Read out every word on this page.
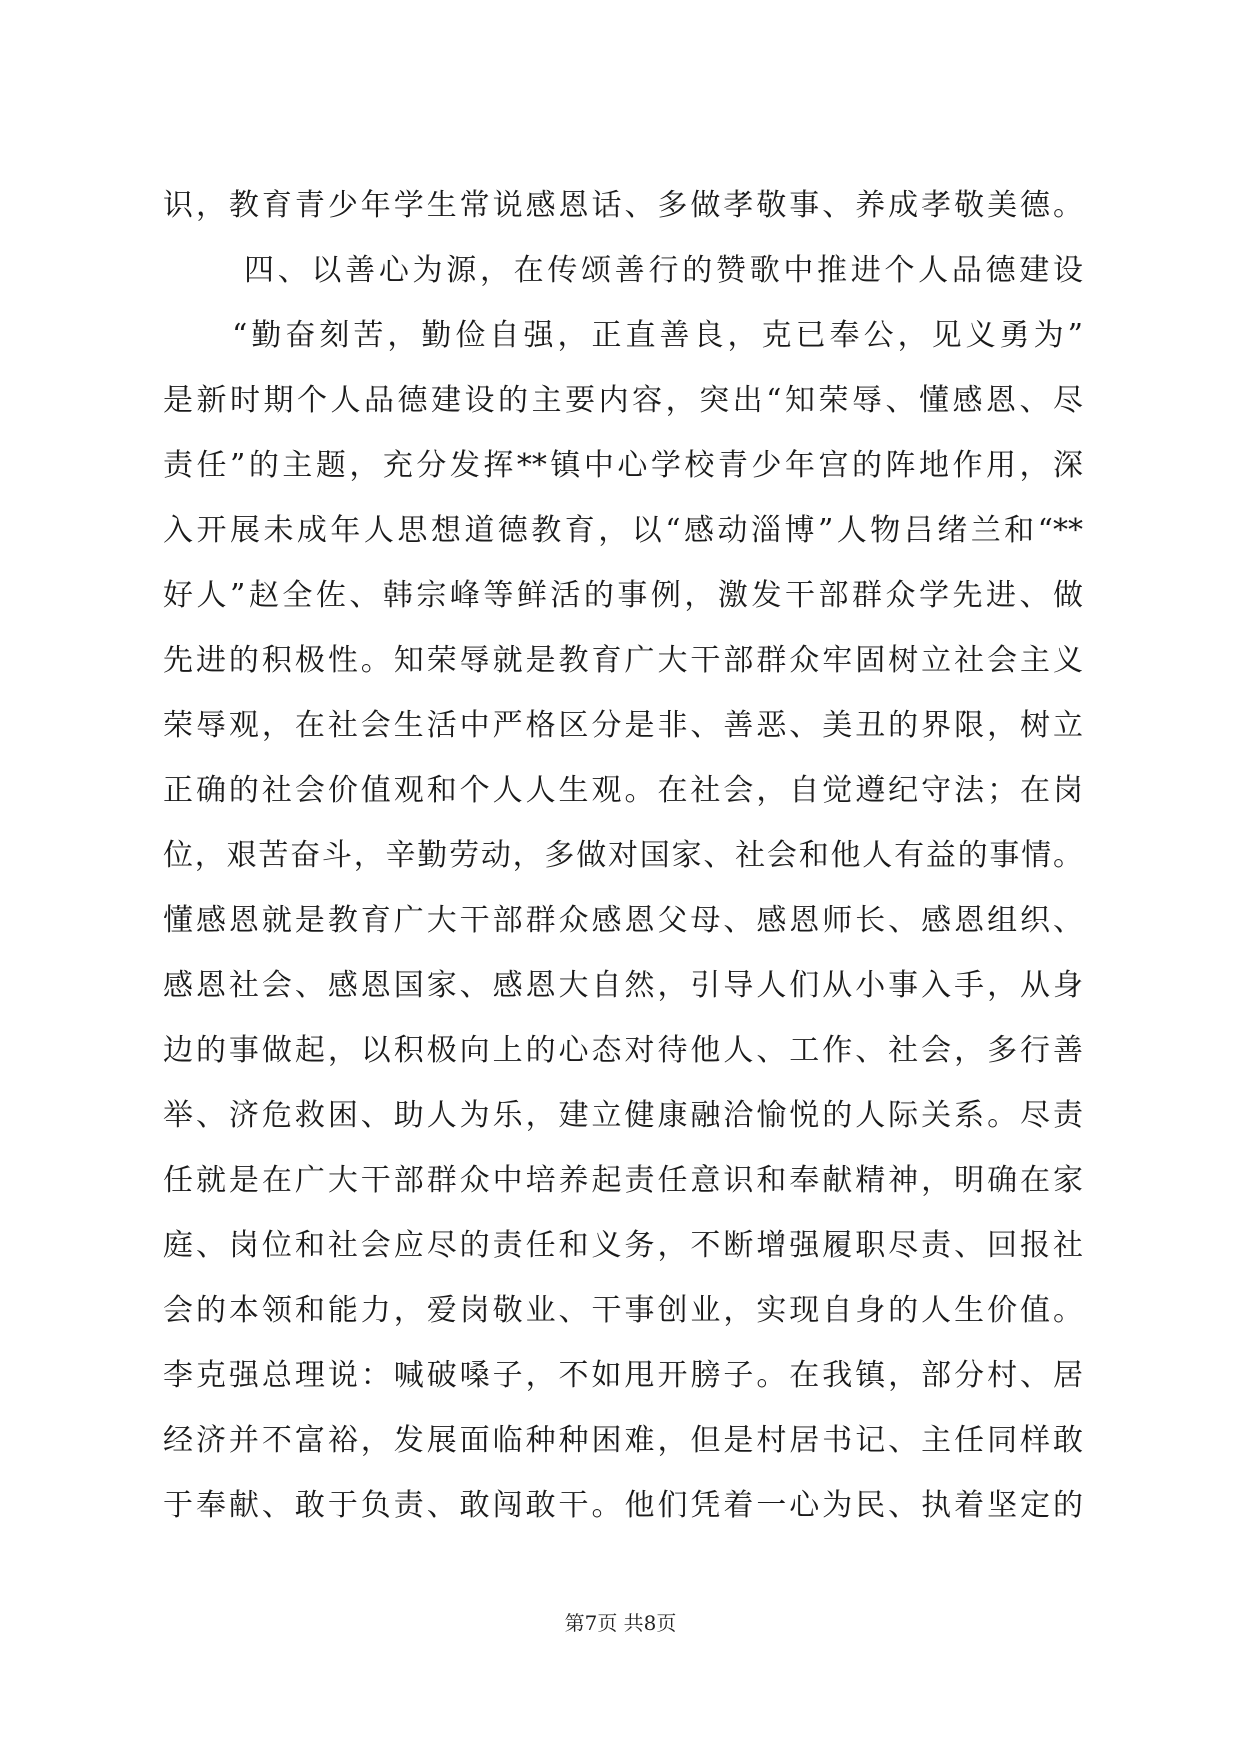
识，教育青少年学生常说感恩话、多做孝敬事、养成孝敬美德。
四、以善心为源，在传颂善行的赞歌中推进个人品德建设
“勤奋刻苦，勤俭自强，正直善良，克已奉公，见义勇为”
是新时期个人品德建设的主要内容，突出“知荣辱、懂感恩、尽
责任”的主题，充分发挥**镇中心学校青少年宫的阵地作用，深
入开展未成年人思想道德教育，以“感动淄博”人物吕绪兰和“**
好人”赵全佐、韩宗峰等鲜活的事例，激发干部群众学先进、做
先进的积极性。知荣辱就是教育广大干部群众牢固树立社会主义
荣辱观，在社会生活中严格区分是非、善恶、美丑的界限，树立
正确的社会价值观和个人人生观。在社会，自觉遵纪守法；在岗
位，艰苦奋斗，辛勤劳动，多做对国家、社会和他人有益的事情。
懂感恩就是教育广大干部群众感恩父母、感恩师长、感恩组织、
感恩社会、感恩国家、感恩大自然，引导人们从小事入手，从身
边的事做起，以积极向上的心态对待他人、工作、社会，多行善
举、济危救困、助人为乐，建立健康融洽愉悦的人际关系。尽责
任就是在广大干部群众中培养起责任意识和奉献精神，明确在家
庭、岗位和社会应尽的责任和义务，不断增强履职尽责、回报社
会的本领和能力，爱岗敬业、干事创业，实现自身的人生价值。
李克强总理说：喊破嗓子，不如甩开膀子。在我镇，部分村、居
经济并不富裕，发展面临种种困难，但是村居书记、主任同样敢
于奉献、敢于负责、敢闯敢干。他们凭着一心为民、执着坚定的
第7页 共8页
